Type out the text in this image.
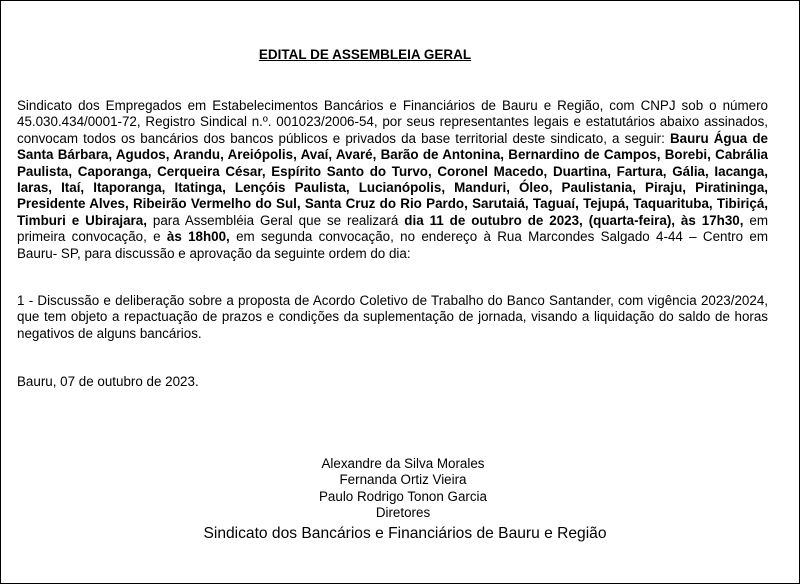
EDITAL DE ASSEMBLEIA GERAL

Sindicato dos Empregados em Estabelecimentos Bancários e Financiários de Bauru e Região, com CNPJ sob o número 45.030.434/0001-72, Registro Sindical n.º. 001023/2006-54, por seus representantes legais e estatutários abaixo assinados, convocam todos os bancários dos bancos públicos e privados da base territorial deste sindicato, a seguir: Bauru Água de Santa Bárbara, Agudos, Arandu, Areiópolis, Avaí, Avaré, Barão de Antonina, Bernardino de Campos, Borebi, Cabrália Paulista, Caporanga, Cerqueira César, Espírito Santo do Turvo, Coronel Macedo, Duartina, Fartura, Gália, Iacanga, Iaras, Itaí, Itaporanga, Itatinga, Lençóis Paulista, Lucianópolis, Manduri, Óleo, Paulistania, Piraju, Piratininga, Presidente Alves, Ribeirão Vermelho do Sul, Santa Cruz do Rio Pardo, Sarutaiá, Taguaí, Tejupá, Taquarituba, Tibiriçá, Timburi e Ubirajara, para Assembléia Geral que se realizará dia 11 de outubro de 2023, (quarta-feira), às 17h30, em primeira convocação, e às 18h00, em segunda convocação, no endereço à Rua Marcondes Salgado 4-44 – Centro em Bauru- SP, para discussão e aprovação da seguinte ordem do dia:

1 - Discussão e deliberação sobre a proposta de Acordo Coletivo de Trabalho do Banco Santander, com vigência 2023/2024, que tem objeto a repactuação de prazos e condições da suplementação de jornada, visando a liquidação do saldo de horas negativos de alguns bancários.

Bauru, 07 de outubro de 2023.

Alexandre da Silva Morales
Fernanda Ortiz Vieira
Paulo Rodrigo Tonon Garcia
Diretores
Sindicato dos Bancários e Financiários de Bauru e Região
